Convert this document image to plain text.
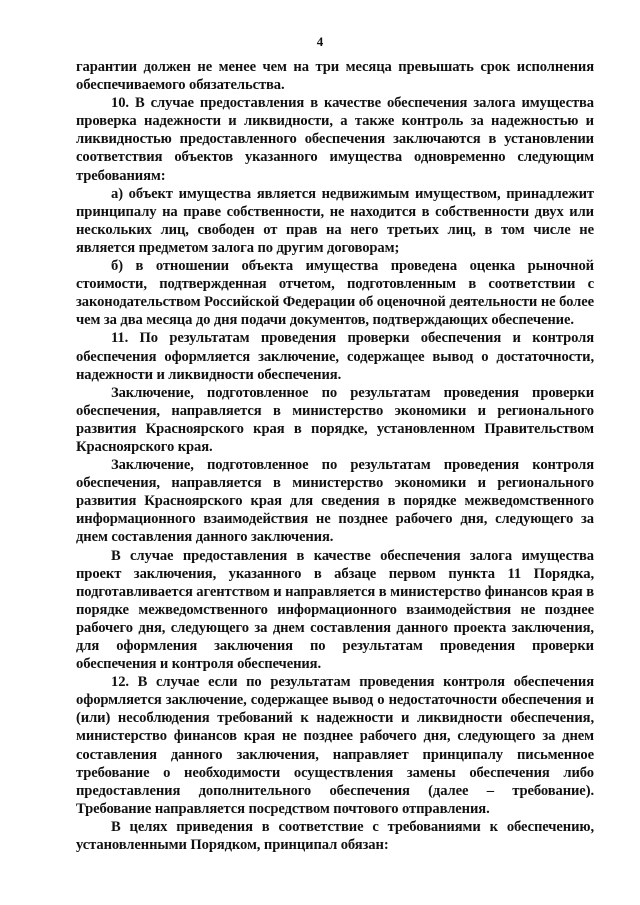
4

гарантии должен не менее чем на три месяца превышать срок исполнения обеспечиваемого обязательства.

10. В случае предоставления в качестве обеспечения залога имущества проверка надежности и ликвидности, а также контроль за надежностью и ликвидностью предоставленного обеспечения заключаются в установлении соответствия объектов указанного имущества одновременно следующим требованиям:

а) объект имущества является недвижимым имуществом, принадлежит принципалу на праве собственности, не находится в собственности двух или нескольких лиц, свободен от прав на него третьих лиц, в том числе не является предметом залога по другим договорам;

б) в отношении объекта имущества проведена оценка рыночной стоимости, подтвержденная отчетом, подготовленным в соответствии с законодательством Российской Федерации об оценочной деятельности не более чем за два месяца до дня подачи документов, подтверждающих обеспечение.

11. По результатам проведения проверки обеспечения и контроля обеспечения оформляется заключение, содержащее вывод о достаточности, надежности и ликвидности обеспечения.

Заключение, подготовленное по результатам проведения проверки обеспечения, направляется в министерство экономики и регионального развития Красноярского края в порядке, установленном Правительством Красноярского края.

Заключение, подготовленное по результатам проведения контроля обеспечения, направляется в министерство экономики и регионального развития Красноярского края для сведения в порядке межведомственного информационного взаимодействия не позднее рабочего дня, следующего за днем составления данного заключения.

В случае предоставления в качестве обеспечения залога имущества проект заключения, указанного в абзаце первом пункта 11 Порядка, подготавливается агентством и направляется в министерство финансов края в порядке межведомственного информационного взаимодействия не позднее рабочего дня, следующего за днем составления данного проекта заключения, для оформления заключения по результатам проведения проверки обеспечения и контроля обеспечения.

12. В случае если по результатам проведения контроля обеспечения оформляется заключение, содержащее вывод о недостаточности обеспечения и (или) несоблюдения требований к надежности и ликвидности обеспечения, министерство финансов края не позднее рабочего дня, следующего за днем составления данного заключения, направляет принципалу письменное требование о необходимости осуществления замены обеспечения либо предоставления дополнительного обеспечения (далее – требование). Требование направляется посредством почтового отправления.

В целях приведения в соответствие с требованиями к обеспечению, установленными Порядком, принципал обязан:
